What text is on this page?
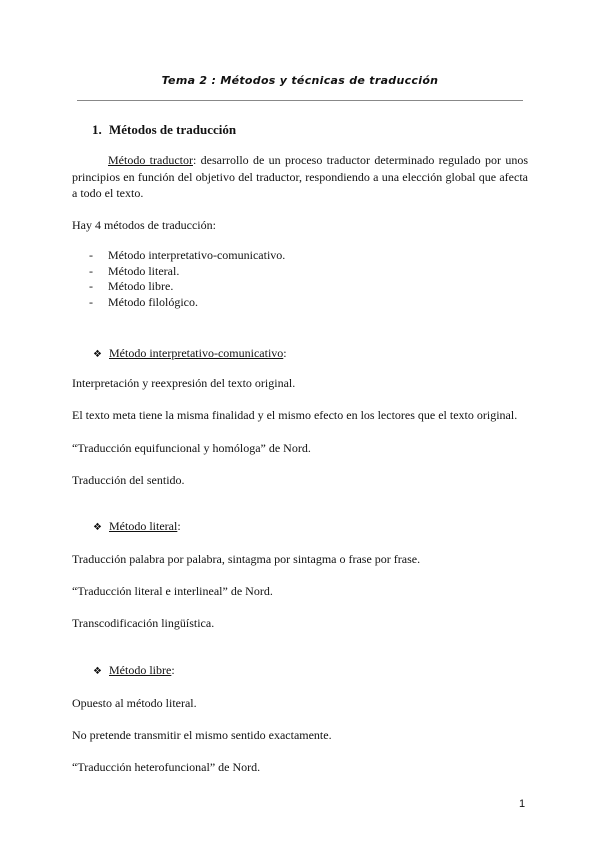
Tema 2 : Métodos y técnicas de traducción
1. Métodos de traducción
Método traductor: desarrollo de un proceso traductor determinado regulado por unos principios en función del objetivo del traductor, respondiendo a una elección global que afecta a todo el texto.
Hay 4 métodos de traducción:
- Método interpretativo-comunicativo.
- Método literal.
- Método libre.
- Método filológico.
❖ Método interpretativo-comunicativo:
Interpretación y reexpresión del texto original.
El texto meta tiene la misma finalidad y el mismo efecto en los lectores que el texto original.
“Traducción equifuncional y homóloga” de Nord.
Traducción del sentido.
❖ Método literal:
Traducción palabra por palabra, sintagma por sintagma o frase por frase.
“Traducción literal e interlineal” de Nord.
Transcodificación lingüística.
❖ Método libre:
Opuesto al método literal.
No pretende transmitir el mismo sentido exactamente.
“Traducción heterofuncional” de Nord.
1
